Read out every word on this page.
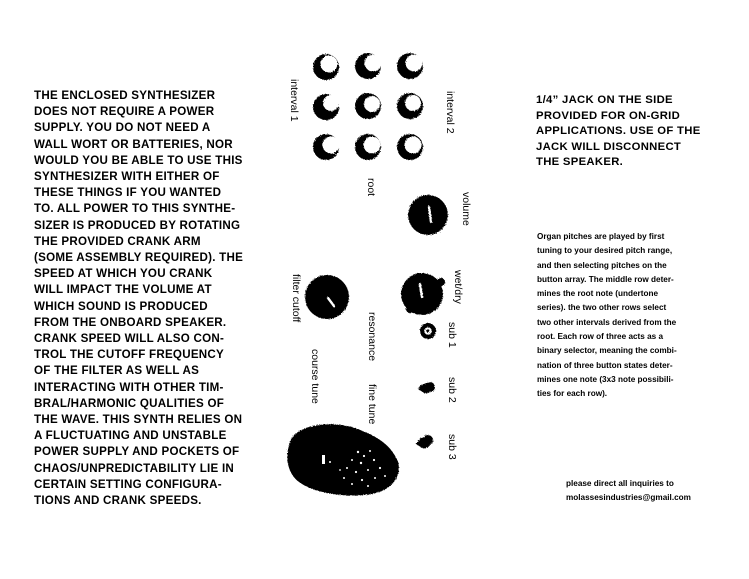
THE ENCLOSED SYNTHESIZER
DOES NOT REQUIRE A POWER
SUPPLY. YOU DO NOT NEED A
WALL WORT OR BATTERIES, NOR
WOULD YOU BE ABLE TO USE THIS
SYNTHESIZER WITH EITHER OF
THESE THINGS IF YOU WANTED
TO. ALL POWER TO THIS SYNTHE-
SIZER IS PRODUCED BY ROTATING
THE PROVIDED CRANK ARM
(SOME ASSEMBLY REQUIRED). THE
SPEED AT WHICH YOU CRANK
WILL IMPACT THE VOLUME AT
WHICH SOUND IS PRODUCED
FROM THE ONBOARD SPEAKER.
CRANK SPEED WILL ALSO CON-
TROL THE CUTOFF FREQUENCY
OF THE FILTER AS WELL AS
INTERACTING WITH OTHER TIM-
BRAL/HARMONIC QUALITIES OF
THE WAVE. THIS SYNTH RELIES ON
A FLUCTUATING AND UNSTABLE
POWER SUPPLY AND POCKETS OF
CHAOS/UNPREDICTABILITY LIE IN
CERTAIN SETTING CONFIGURA-
TIONS AND CRANK SPEEDS.
interval 1	interval 2
root
volume
wet/dry
filter cutoff
resonance	sub 1
course tune
fine tune	sub 2
sub 3
1/4” JACK ON THE SIDE
PROVIDED FOR ON-GRID
APPLICATIONS. USE OF THE
JACK WILL DISCONNECT
THE SPEAKER.
Organ pitches are played by first
tuning to your desired pitch range,
and then selecting pitches on the
button array. The middle row deter-
mines the root note (undertone
series). the two other rows select
two other intervals derived from the
root. Each row of three acts as a
binary selector, meaning the combi-
nation of three button states deter-
mines one note (3x3 note possibili-
ties for each row).
please direct all inquiries to
molassesindustries@gmail.com
